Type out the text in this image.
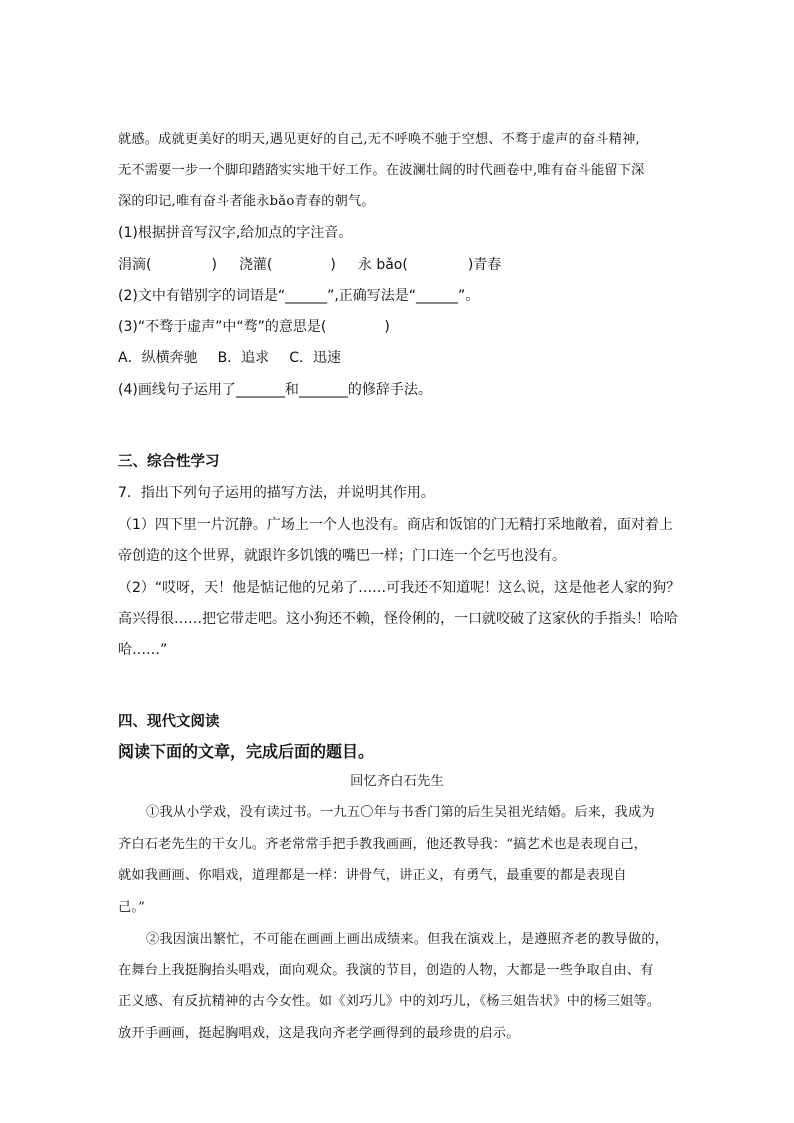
就感。成就更美好的明天,遇见更好的自己,无不呼唤不驰于空想、不骛于虚声的奋斗精神,
无不需要一步一个脚印踏踏实实地干好工作。在波澜壮阔的时代画卷中,唯有奋斗能留下深
深的印记,唯有奋斗者能永bǎo青春的朝气。
(1)根据拼音写汉字,给加点的字注音。
涓滴(	) 浇灌(	) 永 bǎo(	)青春
(2)文中有错别字的词语是“______”,正确写法是“______”。
(3)“不骛于虚声”中“骛”的意思是(	)
A．纵横奔驰 B．追求 C．迅速
(4)画线句子运用了_______和_______的修辞手法。
三、综合性学习
7．指出下列句子运用的描写方法，并说明其作用。
（1）四下里一片沉静。广场上一个人也没有。商店和饭馆的门无精打采地敞着，面对着上
帝创造的这个世界，就跟许多饥饿的嘴巴一样；门口连一个乞丐也没有。
（2）“哎呀，天！他是惦记他的兄弟了……可我还不知道呢！这么说，这是他老人家的狗？
高兴得很……把它带走吧。这小狗还不赖，怪伶俐的，一口就咬破了这家伙的手指头！哈哈
哈……”
四、现代文阅读
阅读下面的文章，完成后面的题目。
回忆齐白石先生
①我从小学戏，没有读过书。一九五〇年与书香门第的后生吴祖光结婚。后来，我成为
齐白石老先生的干女儿。齐老常常手把手教我画画，他还教导我：“搞艺术也是表现自己，
就如我画画、你唱戏，道理都是一样：讲骨气，讲正义，有勇气，最重要的都是表现自
己。”
②我因演出繁忙，不可能在画画上画出成绩来。但我在演戏上，是遵照齐老的教导做的，
在舞台上我挺胸抬头唱戏，面向观众。我演的节目，创造的人物，大都是一些争取自由、有
正义感、有反抗精神的古今女性。如《刘巧儿》中的刘巧儿，《杨三姐告状》中的杨三姐等。
放开手画画，挺起胸唱戏，这是我向齐老学画得到的最珍贵的启示。
